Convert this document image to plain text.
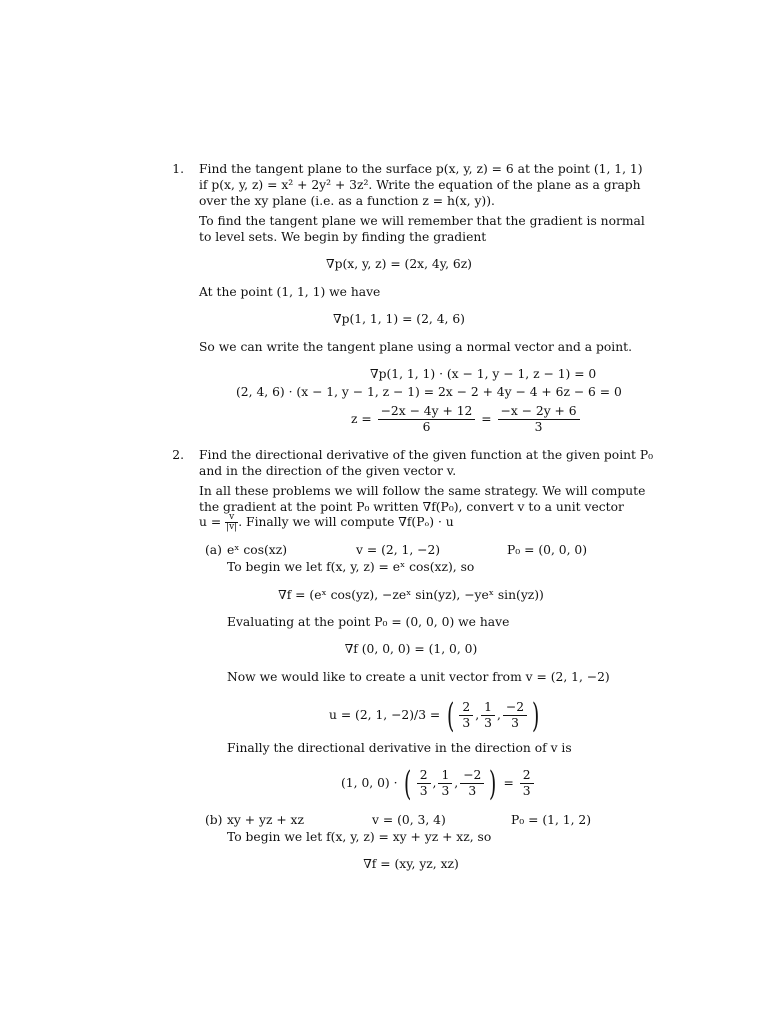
1. Find the tangent plane to the surface p(x, y, z) = 6 at the point (1, 1, 1)
if p(x, y, z) = x² + 2y² + 3z². Write the equation of the plane as a graph
over the xy plane (i.e. as a function z = h(x, y)).
To find the tangent plane we will remember that the gradient is normal
to level sets. We begin by finding the gradient
∇p(x, y, z) = (2x, 4y, 6z)
At the point (1, 1, 1) we have
∇p(1, 1, 1) = (2, 4, 6)
So we can write the tangent plane using a normal vector and a point.
∇p(1, 1, 1) · (x − 1, y − 1, z − 1) = 0
(2, 4, 6) · (x − 1, y − 1, z − 1) = 2x − 2 + 4y − 4 + 6z − 6 = 0
$z = \frac{-2x - 4y + 12}{6} = \frac{-x - 2y + 6}{3}$
2. Find the directional derivative of the given function at the given point P₀
and in the direction of the given vector v.
In all these problems we will follow the same strategy. We will compute
the gradient at the point P₀ written ∇f(P₀), convert v to a unit vector
$u = \frac{v}{|v|}$ . Finally we will compute ∇f(Pₒ) · u
(a) eˣ cos(xz)	v = (2, 1, −2)	P₀ = (0, 0, 0)
To begin we let f(x, y, z) = eˣ cos(xz), so
∇f = (eˣ cos(yz), −zeˣ sin(yz), −yeˣ sin(yz))
Evaluating at the point P₀ = (0, 0, 0) we have
∇f (0, 0, 0) = (1, 0, 0)
Now we would like to create a unit vector from v = (2, 1, −2)
u = (2, 1, −2)/3 = ( $\frac{2}{3}$ , $\frac{1}{3}$ , $\frac{-2}{3}$ )
Finally the directional derivative in the direction of v is
(1, 0, 0) · ( $\frac{2}{3}$ , $\frac{1}{3}$ , $\frac{-2}{3}$ ) = $\frac{2}{3}$
(b) xy + yz + xz	v = (0, 3, 4)	P₀ = (1, 1, 2)
To begin we let f(x, y, z) = xy + yz + xz, so
∇f = (xy, yz, xz)
